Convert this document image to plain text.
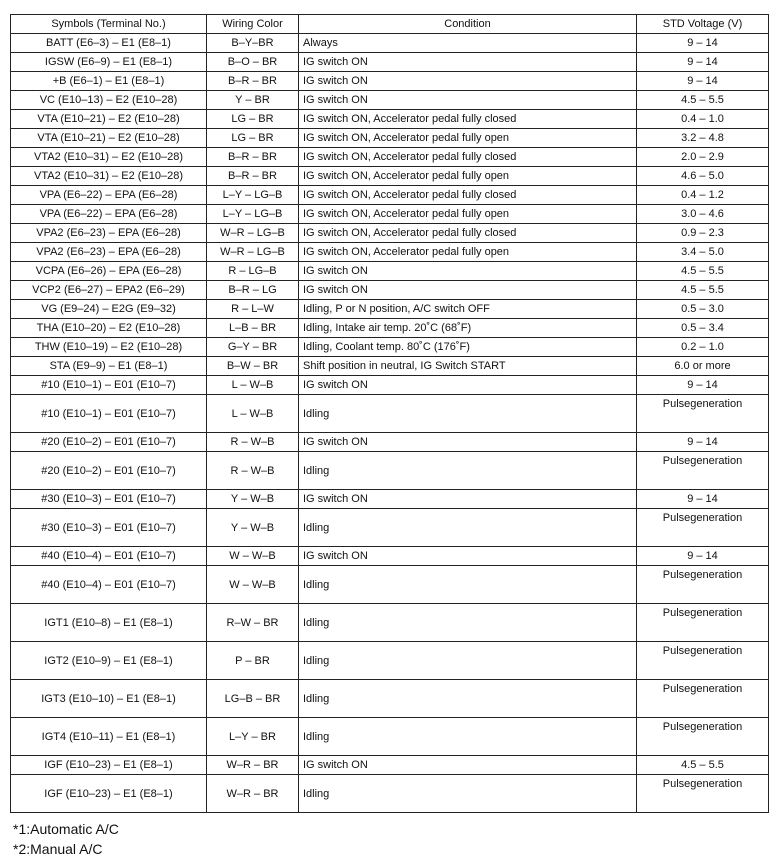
Symbols (Terminal No.)	Wiring Color	Condition	STD Voltage (V)
BATT (E6–3) – E1 (E8–1)	B–Y–BR	Always	9 – 14
IGSW (E6–9) – E1 (E8–1)	B–O – BR	IG switch ON	9 – 14
+B (E6–1) – E1 (E8–1)	B–R – BR	IG switch ON	9 – 14
VC (E10–13) – E2 (E10–28)	Y – BR	IG switch ON	4.5 – 5.5
VTA (E10–21) – E2 (E10–28)	LG – BR	IG switch ON, Accelerator pedal fully closed	0.4 – 1.0
VTA (E10–21) – E2 (E10–28)	LG – BR	IG switch ON, Accelerator pedal fully open	3.2 – 4.8
VTA2 (E10–31) – E2 (E10–28)	B–R – BR	IG switch ON, Accelerator pedal fully closed	2.0 – 2.9
VTA2 (E10–31) – E2 (E10–28)	B–R – BR	IG switch ON, Accelerator pedal fully open	4.6 – 5.0
VPA (E6–22) – EPA (E6–28)	L–Y – LG–B	IG switch ON, Accelerator pedal fully closed	0.4 – 1.2
VPA (E6–22) – EPA (E6–28)	L–Y – LG–B	IG switch ON, Accelerator pedal fully open	3.0 – 4.6
VPA2 (E6–23) – EPA (E6–28)	W–R – LG–B	IG switch ON, Accelerator pedal fully closed	0.9 – 2.3
VPA2 (E6–23) – EPA (E6–28)	W–R – LG–B	IG switch ON, Accelerator pedal fully open	3.4 – 5.0
VCPA (E6–26) – EPA (E6–28)	R – LG–B	IG switch ON	4.5 – 5.5
VCP2 (E6–27) – EPA2 (E6–29)	B–R – LG	IG switch ON	4.5 – 5.5
VG (E9–24) – E2G (E9–32)	R – L–W	Idling, P or N position, A/C switch OFF	0.5 – 3.0
THA (E10–20) – E2 (E10–28)	L–B – BR	Idling, Intake air temp. 20˚C (68˚F)	0.5 – 3.4
THW (E10–19) – E2 (E10–28)	G–Y – BR	Idling, Coolant temp. 80˚C (176˚F)	0.2 – 1.0
STA (E9–9) – E1 (E8–1)	B–W – BR	Shift position in neutral, IG Switch START	6.0 or more
#10 (E10–1) – E01 (E10–7)	L – W–B	IG switch ON	9 – 14
#10 (E10–1) – E01 (E10–7)	L – W–B	Idling	Pulsegeneration
#20 (E10–2) – E01 (E10–7)	R – W–B	IG switch ON	9 – 14
#20 (E10–2) – E01 (E10–7)	R – W–B	Idling	Pulsegeneration
#30 (E10–3) – E01 (E10–7)	Y – W–B	IG switch ON	9 – 14
#30 (E10–3) – E01 (E10–7)	Y – W–B	Idling	Pulsegeneration
#40 (E10–4) – E01 (E10–7)	W – W–B	IG switch ON	9 – 14
#40 (E10–4) – E01 (E10–7)	W – W–B	Idling	Pulsegeneration
IGT1 (E10–8) – E1 (E8–1)	R–W – BR	Idling	Pulsegeneration
IGT2 (E10–9) – E1 (E8–1)	P – BR	Idling	Pulsegeneration
IGT3 (E10–10) – E1 (E8–1)	LG–B – BR	Idling	Pulsegeneration
IGT4 (E10–11) – E1 (E8–1)	L–Y – BR	Idling	Pulsegeneration
IGF (E10–23) – E1 (E8–1)	W–R – BR	IG switch ON	4.5 – 5.5
IGF (E10–23) – E1 (E8–1)	W–R – BR	Idling	Pulsegeneration
*1:Automatic A/C
*2:Manual A/C
